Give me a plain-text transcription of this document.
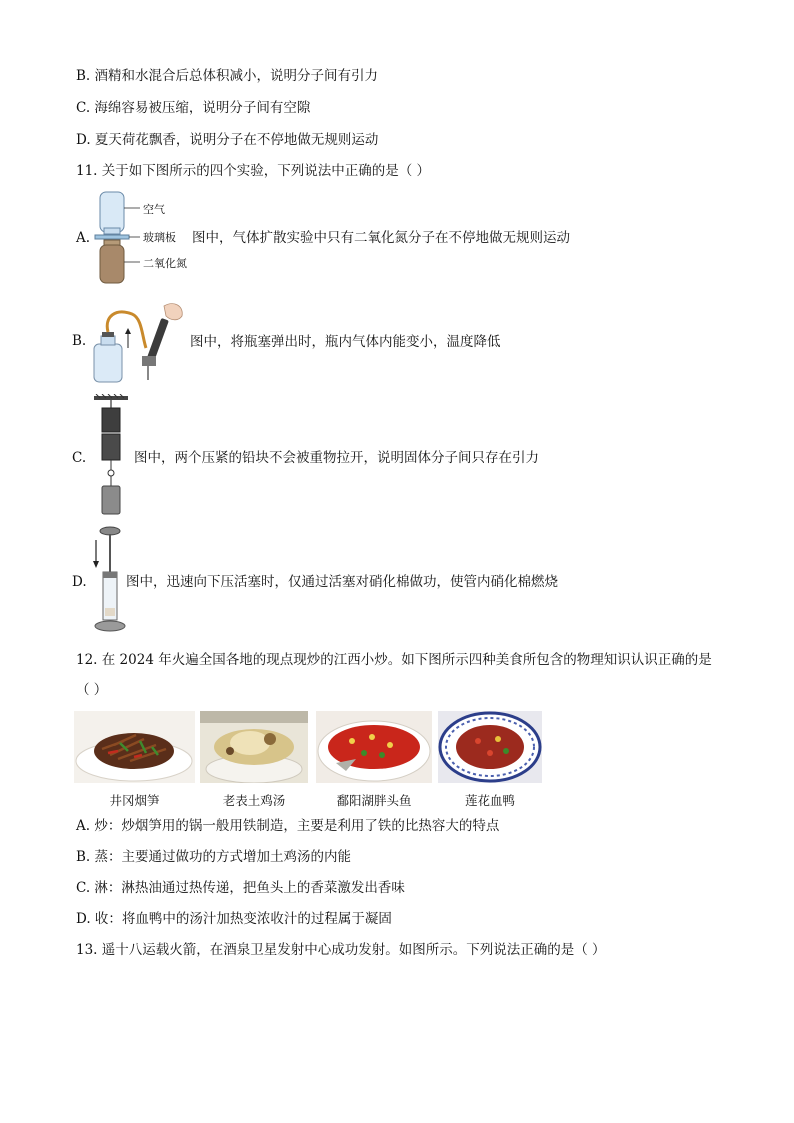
B. 酒精和水混合后总体积减小，说明分子间有引力
C. 海绵容易被压缩，说明分子间有空隙
D. 夏天荷花飘香，说明分子在不停地做无规则运动
11. 关于如下图所示的四个实验，下列说法中正确的是（ ）
A.
空气
玻璃板
二氧化氮
图中，气体扩散实验中只有二氧化氮分子在不停地做无规则运动
B.	图中，将瓶塞弹出时，瓶内气体内能变小，温度降低
C.	图中，两个压紧的铅块不会被重物拉开，说明固体分子间只存在引力
D.	图中，迅速向下压活塞时，仅通过活塞对硝化棉做功，使管内硝化棉燃烧
12. 在 2024 年火遍全国各地的现点现炒的江西小炒。如下图所示四种美食所包含的物理知识认识正确的是
（ ）
井冈烟笋	老表土鸡汤	鄱阳湖胖头鱼	莲花血鸭
A. 炒：炒烟笋用的锅一般用铁制造，主要是利用了铁的比热容大的特点
B. 蒸：主要通过做功的方式增加土鸡汤的内能
C. 淋：淋热油通过热传递，把鱼头上的香菜激发出香味
D. 收：将血鸭中的汤汁加热变浓收汁的过程属于凝固
13. 遥十八运载火箭，在酒泉卫星发射中心成功发射。如图所示。下列说法正确的是（ ）
